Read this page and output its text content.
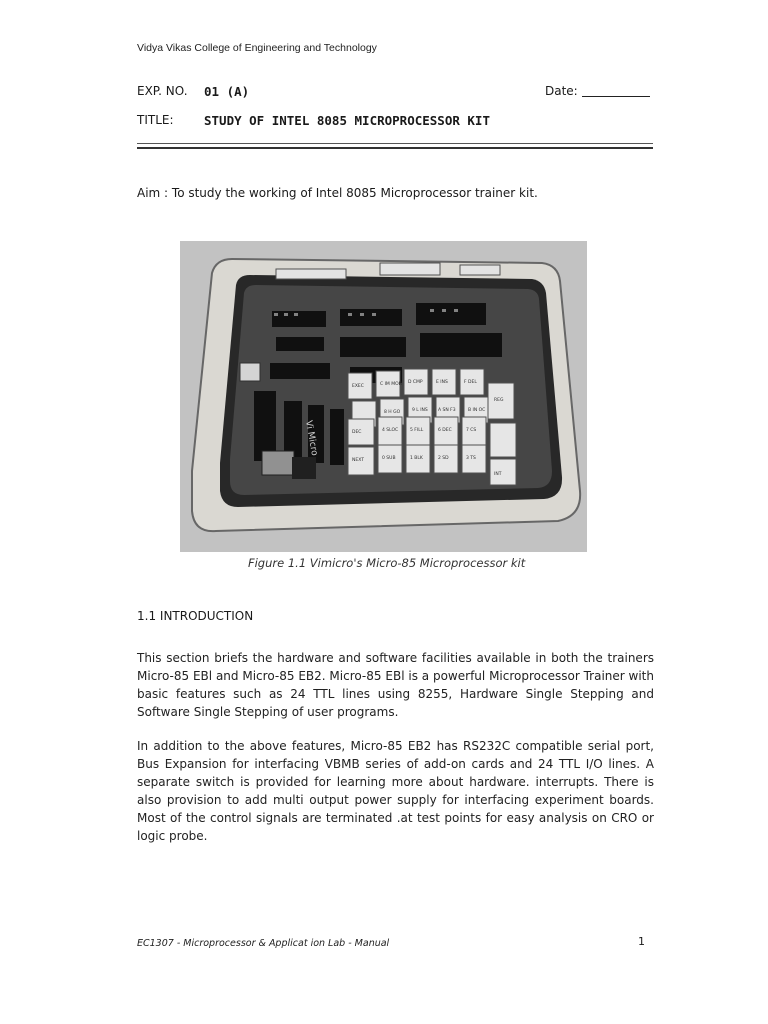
Vidya Vikas College of Engineering and Technology
EXP. NO. 01 (A)	Date:
TITLE: STUDY OF INTEL 8085 MICROPROCESSOR KIT
Aim : To study the working of Intel 8085 Microprocessor trainer kit.
EXEC	C IM MON D CMP	E INS	F DEL
REG
8 H GO	9 L INS A SN F3	B IN OC
DEC	4 SLOC	5 FILL	6 DEC	7 CS
NEXT	0 SUB	1 BLK	2 SD	3 TS
INT
Vi Micro
Figure 1.1 Vimicro's Micro-85 Microprocessor kit
1.1 INTRODUCTION

This section briefs the hardware and software facilities available in both the trainers Micro-85 EBl and Micro-85 EB2. Micro-85 EBl is a powerful Microprocessor Trainer with basic features such as 24 TTL lines using 8255, Hardware Single Stepping and Software Single Stepping of user programs.

In addition to the above features, Micro-85 EB2 has RS232C compatible serial port, Bus Expansion for interfacing VBMB series of add-on cards and 24 TTL I/O lines. A separate switch is provided for learning more about hardware. interrupts. There is also provision to add multi output power supply for interfacing experiment boards. Most of the control signals are terminated .at test points for easy analysis on CRO or logic probe.

EC1307 - Microprocessor & Applicat ion Lab - Manual	1
